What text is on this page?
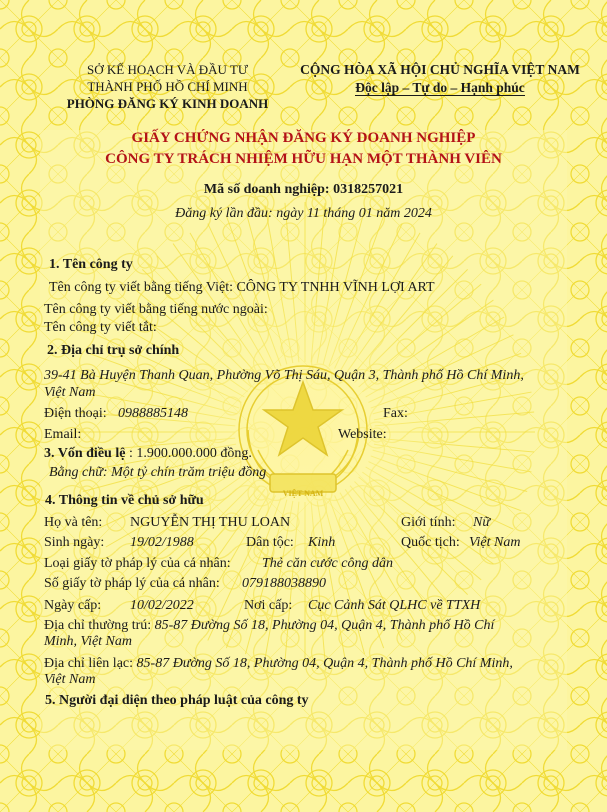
SỞ KẾ HOẠCH VÀ ĐẦU TƯ
THÀNH PHỐ HỒ CHÍ MINH
PHÒNG ĐĂNG KÝ KINH DOANH
CỘNG HÒA XÃ HỘI CHỦ NGHĨA VIỆT NAM
Độc lập – Tự do – Hạnh phúc
GIẤY CHỨNG NHẬN ĐĂNG KÝ DOANH NGHIỆP
CÔNG TY TRÁCH NHIỆM HỮU HẠN MỘT THÀNH VIÊN
Mã số doanh nghiệp: 0318257021
Đăng ký lần đầu: ngày 11 tháng 01 năm 2024
VIỆT NAM
1. Tên công ty
Tên công ty viết bằng tiếng Việt: CÔNG TY TNHH VĨNH LỢI ART
Tên công ty viết bằng tiếng nước ngoài:
Tên công ty viết tắt:
2. Địa chỉ trụ sở chính
39-41 Bà Huyện Thanh Quan, Phường Võ Thị Sáu, Quận 3, Thành phố Hồ Chí Minh,
Việt Nam
Điện thoại: 0988885148	Fax:
Email:	Website:
3. Vốn điều lệ : 1.900.000.000 đồng.
Bằng chữ: Một tỷ chín trăm triệu đồng
4. Thông tin về chủ sở hữu
Họ và tên: NGUYỄN THỊ THU LOAN	Giới tính: Nữ
Sinh ngày: 19/02/1988	Dân tộc: Kinh	Quốc tịch: Việt Nam
Loại giấy tờ pháp lý của cá nhân: Thẻ căn cước công dân
Số giấy tờ pháp lý của cá nhân: 079188038890
Ngày cấp: 10/02/2022	Nơi cấp: Cục Cảnh Sát QLHC về TTXH
Địa chỉ thường trú: 85-87 Đường Số 18, Phường 04, Quận 4, Thành phố Hồ Chí
Minh, Việt Nam
Địa chỉ liên lạc: 85-87 Đường Số 18, Phường 04, Quận 4, Thành phố Hồ Chí Minh,
Việt Nam
5. Người đại diện theo pháp luật của công ty
